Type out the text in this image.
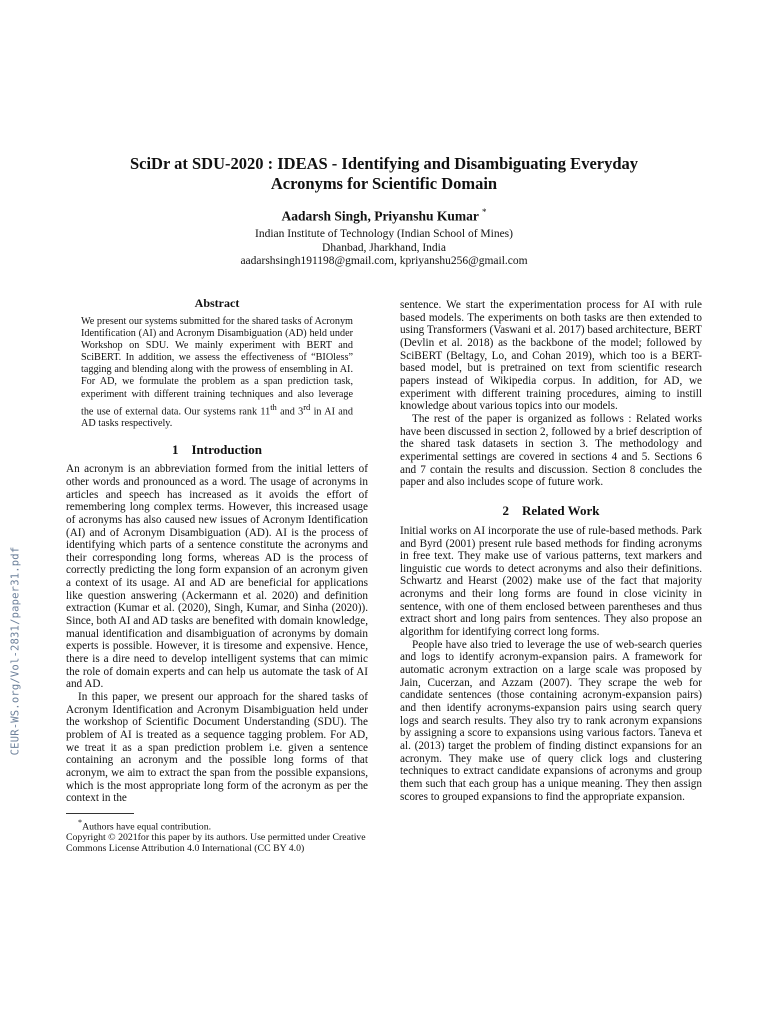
CEUR-WS.org/Vol-2831/paper31.pdf
SciDr at SDU-2020 : IDEAS - Identifying and Disambiguating Everyday
Acronyms for Scientific Domain
Aadarsh Singh, Priyanshu Kumar *
Indian Institute of Technology (Indian School of Mines)
Dhanbad, Jharkhand, India
aadarshsingh191198@gmail.com, kpriyanshu256@gmail.com
Abstract

We present our systems submitted for the shared tasks of Acronym Identification (AI) and Acronym Disambiguation (AD) held under Workshop on SDU. We mainly experiment with BERT and SciBERT. In addition, we assess the effectiveness of “BIOless” tagging and blending along with the prowess of ensembling in AI. For AD, we formulate the problem as a span prediction task, experiment with different training techniques and also leverage the use of external data. Our systems rank 11th and 3rd in AI and AD tasks respectively.

1    Introduction

An acronym is an abbreviation formed from the initial letters of other words and pronounced as a word. The usage of acronyms in articles and speech has increased as it avoids the effort of remembering long complex terms. However, this increased usage of acronyms has also caused new issues of Acronym Identification (AI) and of Acronym Disambiguation (AD). AI is the process of identifying which parts of a sentence constitute the acronyms and their corresponding long forms, whereas AD is the process of correctly predicting the long form expansion of an acronym given a context of its usage. AI and AD are beneficial for applications like question answering (Ackermann et al. 2020) and definition extraction (Kumar et al. (2020), Singh, Kumar, and Sinha (2020)). Since, both AI and AD tasks are benefited with domain knowledge, manual identification and disambiguation of acronyms by domain experts is possible. However, it is tiresome and expensive. Hence, there is a dire need to develop intelligent systems that can mimic the role of domain experts and can help us automate the task of AI and AD.

In this paper, we present our approach for the shared tasks of Acronym Identification and Acronym Disambiguation held under the workshop of Scientific Document Understanding (SDU). The problem of AI is treated as a sequence tagging problem. For AD, we treat it as a span prediction problem i.e. given a sentence containing an acronym and the possible long forms of that acronym, we aim to extract the span from the possible expansions, which is the most appropriate long form of the acronym as per the context in the

*Authors have equal contribution.

Copyright © 2021for this paper by its authors. Use permitted under Creative Commons License Attribution 4.0 International (CC BY 4.0)

sentence. We start the experimentation process for AI with rule based models. The experiments on both tasks are then extended to using Transformers (Vaswani et al. 2017) based architecture, BERT (Devlin et al. 2018) as the backbone of the model; followed by SciBERT (Beltagy, Lo, and Cohan 2019), which too is a BERT-based model, but is pretrained on text from scientific research papers instead of Wikipedia corpus. In addition, for AD, we experiment with different training procedures, aiming to instill knowledge about various topics into our models.

The rest of the paper is organized as follows : Related works have been discussed in section 2, followed by a brief description of the shared task datasets in section 3. The methodology and experimental settings are covered in sections 4 and 5. Sections 6 and 7 contain the results and discussion. Section 8 concludes the paper and also includes scope of future work.

2    Related Work

Initial works on AI incorporate the use of rule-based methods. Park and Byrd (2001) present rule based methods for finding acronyms in free text. They make use of various patterns, text markers and linguistic cue words to detect acronyms and also their definitions. Schwartz and Hearst (2002) make use of the fact that majority acronyms and their long forms are found in close vicinity in sentence, with one of them enclosed between parentheses and thus extract short and long pairs from sentences. They also propose an algorithm for identifying correct long forms.

People have also tried to leverage the use of web-search queries and logs to identify acronym-expansion pairs. A framework for automatic acronym extraction on a large scale was proposed by Jain, Cucerzan, and Azzam (2007). They scrape the web for candidate sentences (those containing acronym-expansion pairs) and then identify acronyms-expansion pairs using search query logs and search results. They also try to rank acronym expansions by assigning a score to expansions using various factors. Taneva et al. (2013) target the problem of finding distinct expansions for an acronym. They make use of query click logs and clustering techniques to extract candidate expansions of acronyms and group them such that each group has a unique meaning. They then assign scores to grouped expansions to find the appropriate expansion.
